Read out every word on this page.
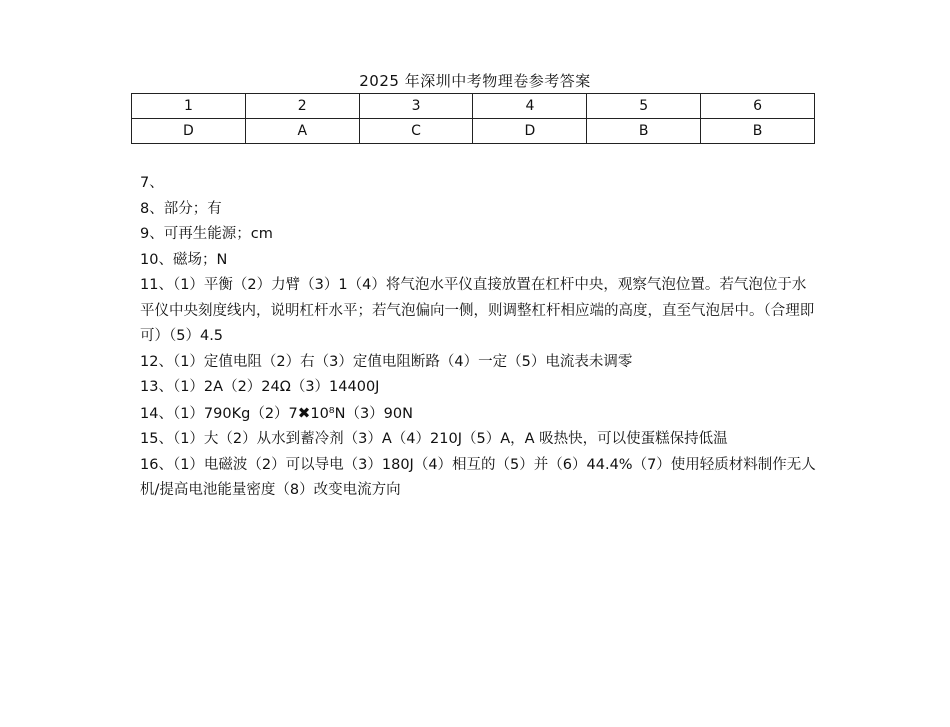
2025 年深圳中考物理卷参考答案
1	2	3	4	5	6
D	A	C	D	B	B
7、
8、部分；有
9、可再生能源；cm
10、磁场；N
11、（1）平衡（2）力臂（3）1（4）将气泡水平仪直接放置在杠杆中央，观察气泡位置。若气泡位于水平仪中央刻度线内，说明杠杆水平；若气泡偏向一侧，则调整杠杆相应端的高度，直至气泡居中。（合理即可）（5）4.5
12、（1）定值电阻（2）右（3）定值电阻断路（4）一定（5）电流表未调零
13、（1）2A（2）24Ω（3）14400J
14、（1）790Kg（2）7✖10⁸N（3）90N
15、（1）大（2）从水到蓄冷剂（3）A（4）210J（5）A，A 吸热快，可以使蛋糕保持低温
16、（1）电磁波（2）可以导电（3）180J（4）相互的（5）并（6）44.4%（7）使用轻质材料制作无人机/提高电池能量密度（8）改变电流方向
